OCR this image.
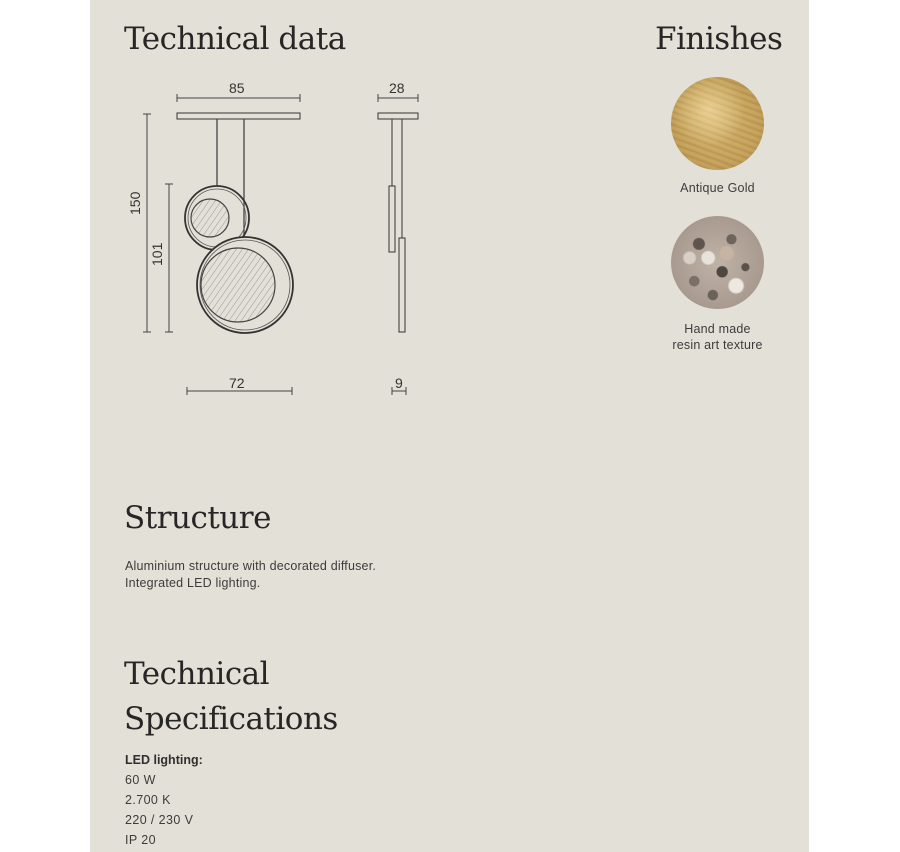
Technical data
85	28
150
101
72	9
Finishes
Antique Gold
Hand made
resin art texture
Structure
Aluminium structure with decorated diffuser.
Integrated LED lighting.
Technical
Specifications
LED lighting:
60 W
2.700 K
220 / 230 V
IP 20
